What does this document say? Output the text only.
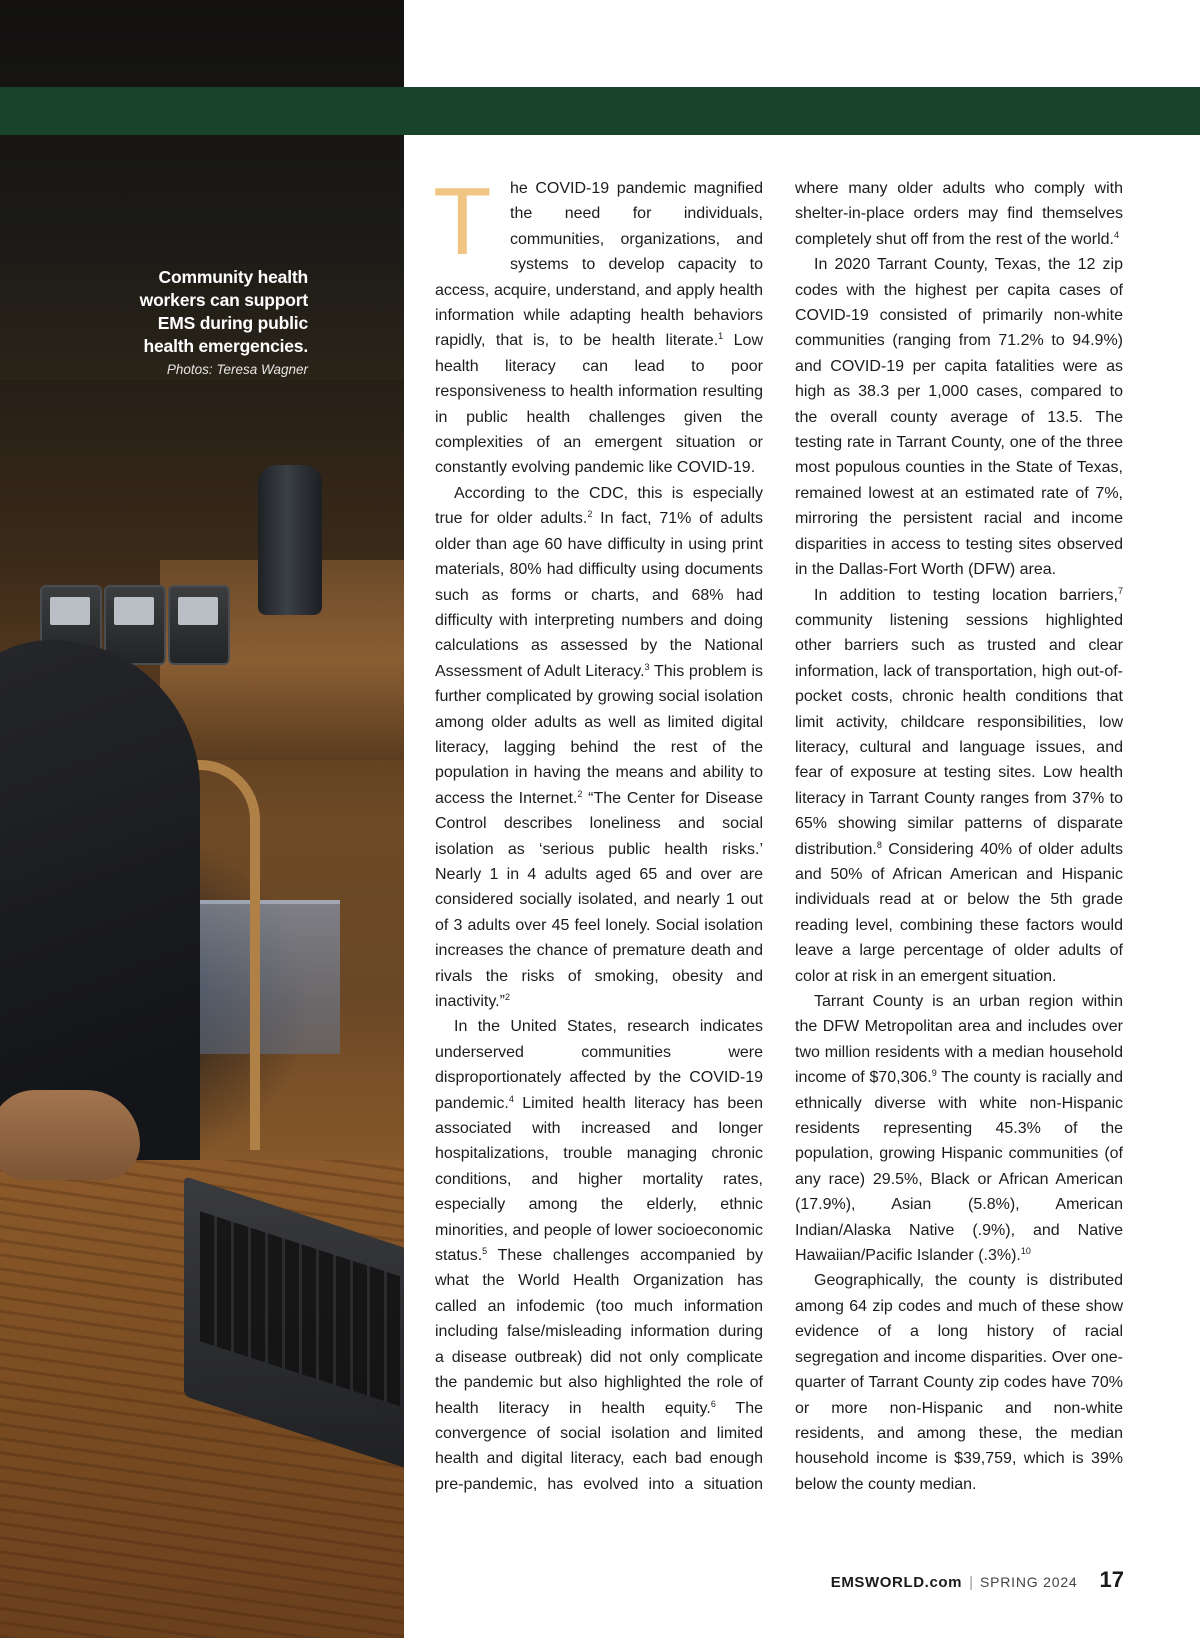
Community health
workers can support
EMS during public
health emergencies.
Photos: Teresa Wagner

T	he COVID-19 pandemic magnified the need for individuals, communities, organizations, and systems to develop capacity to access, acquire, understand, and apply health information while adapting health behaviors rapidly, that is, to be health literate.$^1$ Low health literacy can lead to poor responsiveness to health information resulting in public health challenges given the complexities of an emergent situation or constantly evolving pandemic like COVID-19.

According to the CDC, this is especially true for older adults.$^2$ In fact, 71% of adults older than age 60 have difficulty in using print materials, 80% had difficulty using documents such as forms or charts, and 68% had difficulty with interpreting numbers and doing calculations as assessed by the National Assessment of Adult Literacy.$^3$ This problem is further complicated by growing social isolation among older adults as well as limited digital literacy, lagging behind the rest of the population in having the means and ability to access the Internet.$^2$ “The Center for Disease Control describes loneliness and social isolation as ‘serious public health risks.’ Nearly 1 in 4 adults aged 65 and over are considered socially isolated, and nearly 1 out of 3 adults over 45 feel lonely. Social isolation increases the chance of premature death and rivals the risks of smoking, obesity and inactivity.”$^2$

In the United States, research indicates underserved communities were disproportionately affected by the COVID-19 pandemic.$^4$ Limited health literacy has been associated with increased and longer hospitalizations, trouble managing chronic conditions, and higher mortality rates, especially among the elderly, ethnic minorities, and people of lower socioeconomic status.$^5$ These challenges accompanied by what the World Health Organization has called an infodemic (too much information including false/misleading information during a disease outbreak) did not only complicate the pandemic but also highlighted the role of health literacy in health equity.$^6$ The convergence of social isolation and limited health and digital literacy, each bad enough pre-pandemic, has evolved into a situation where many older adults who comply with shelter-in-place orders may find themselves completely shut off from the rest of the world.$^4$

In 2020 Tarrant County, Texas, the 12 zip codes with the highest per capita cases of COVID-19 consisted of primarily non-white communities (ranging from 71.2% to 94.9%) and COVID-19 per capita fatalities were as high as 38.3 per 1,000 cases, compared to the overall county average of 13.5. The testing rate in Tarrant County, one of the three most populous counties in the State of Texas, remained lowest at an estimated rate of 7%, mirroring the persistent racial and income disparities in access to testing sites observed in the Dallas-Fort Worth (DFW) area.

In addition to testing location barriers,$^7$ community listening sessions highlighted other barriers such as trusted and clear information, lack of transportation, high out-of-pocket costs, chronic health conditions that limit activity, childcare responsibilities, low literacy, cultural and language issues, and fear of exposure at testing sites. Low health literacy in Tarrant County ranges from 37% to 65% showing similar patterns of disparate distribution.$^8$ Considering 40% of older adults and 50% of African American and Hispanic individuals read at or below the 5th grade reading level, combining these factors would leave a large percentage of older adults of color at risk in an emergent situation.

Tarrant County is an urban region within the DFW Metropolitan area and includes over two million residents with a median household income of $70,306.$^9$ The county is racially and ethnically diverse with white non-Hispanic residents representing 45.3% of the population, growing Hispanic communities (of any race) 29.5%, Black or African American (17.9%), Asian (5.8%), American Indian/Alaska Native (.9%), and Native Hawaiian/Pacific Islander (.3%).$^{10}$

Geographically, the county is distributed among 64 zip codes and much of these show evidence of a long history of racial segregation and income disparities. Over one-quarter of Tarrant County zip codes have 70% or more non-Hispanic and non-white residents, and among these, the median household income is $39,759, which is 39% below the county median.

EMSWORLD.com | SPRING 2024 17
